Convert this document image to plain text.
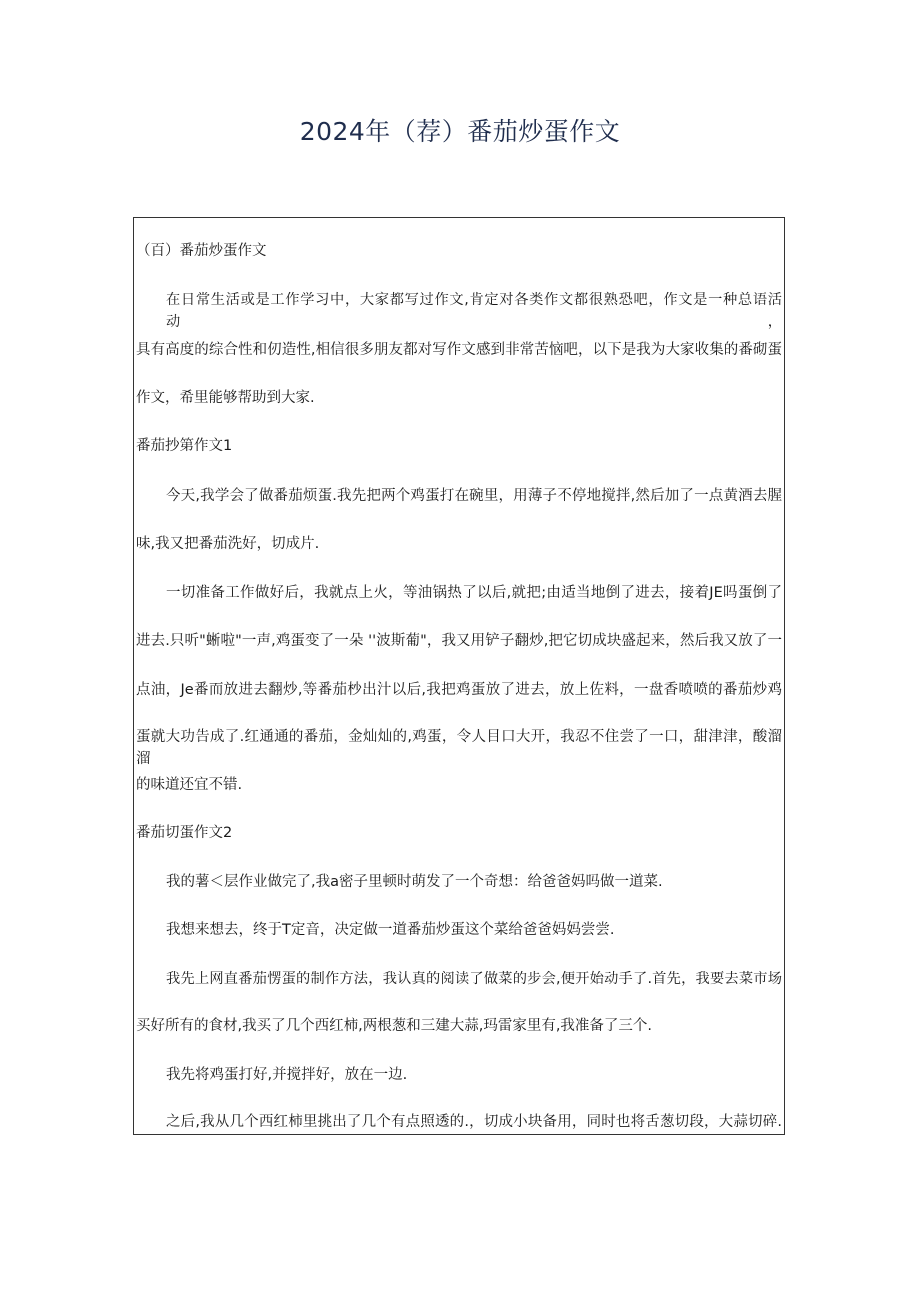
2024年（荐）番茄炒蛋作文
（百）番茄炒蛋作文
在日常生活或是工作学习中，大家都写过作文,肯定对各类作文都很熟恐吧，作文是一种总语活动，
具有高度的综合性和仞造性,相信很多朋友都对写作文感到非常苦恼吧，以下是我为大家收集的番砌蛋
作文，希里能够帮助到大家.
番茄抄第作文1
今天,我学会了做番茄烦蛋.我先把两个鸡蛋打在碗里，用薄子不停地搅拌,然后加了一点黄酒去腥
味,我又把番茄洗好，切成片.
一切准备工作做好后，我就点上火，等油锅热了以后,就把;由适当地倒了进去，接着JE吗蛋倒了
进去.只听"蜥啦"一声,鸡蛋变了一朵 ''波斯葡"，我又用铲子翻炒,把它切成块盛起来，然后我又放了一
点油，Je番而放进去翻炒,等番茄杪出汁以后,我把鸡蛋放了进去，放上佐料，一盘香喷喷的番茄炒鸡
蛋就大功告成了.红通通的番茄，金灿灿的,鸡蛋，令人目口大开，我忍不住尝了一口，甜津津，酸溜溜
的味道还宜不错.
番茄切蛋作文2
我的薯＜层作业做完了,我a密子里顿时萌发了一个奇想：给爸爸妈吗做一道菜.
我想来想去，终于T定音，决定做一道番茄炒蛋这个菜给爸爸妈妈尝尝.
我先上网直番茄愣蛋的制作方法，我认真的阅读了做菜的步会,便开始动手了.首先，我要去菜市场
买好所有的食材,我买了几个西红柿,两根葱和三建大蒜,玛雷家里有,我准备了三个.
我先将鸡蛋打好,并搅拌好，放在一边.
之后,我从几个西红柿里挑出了几个有点照透的.，切成小块备用，同时也将舌葱切段，大蒜切碎.
